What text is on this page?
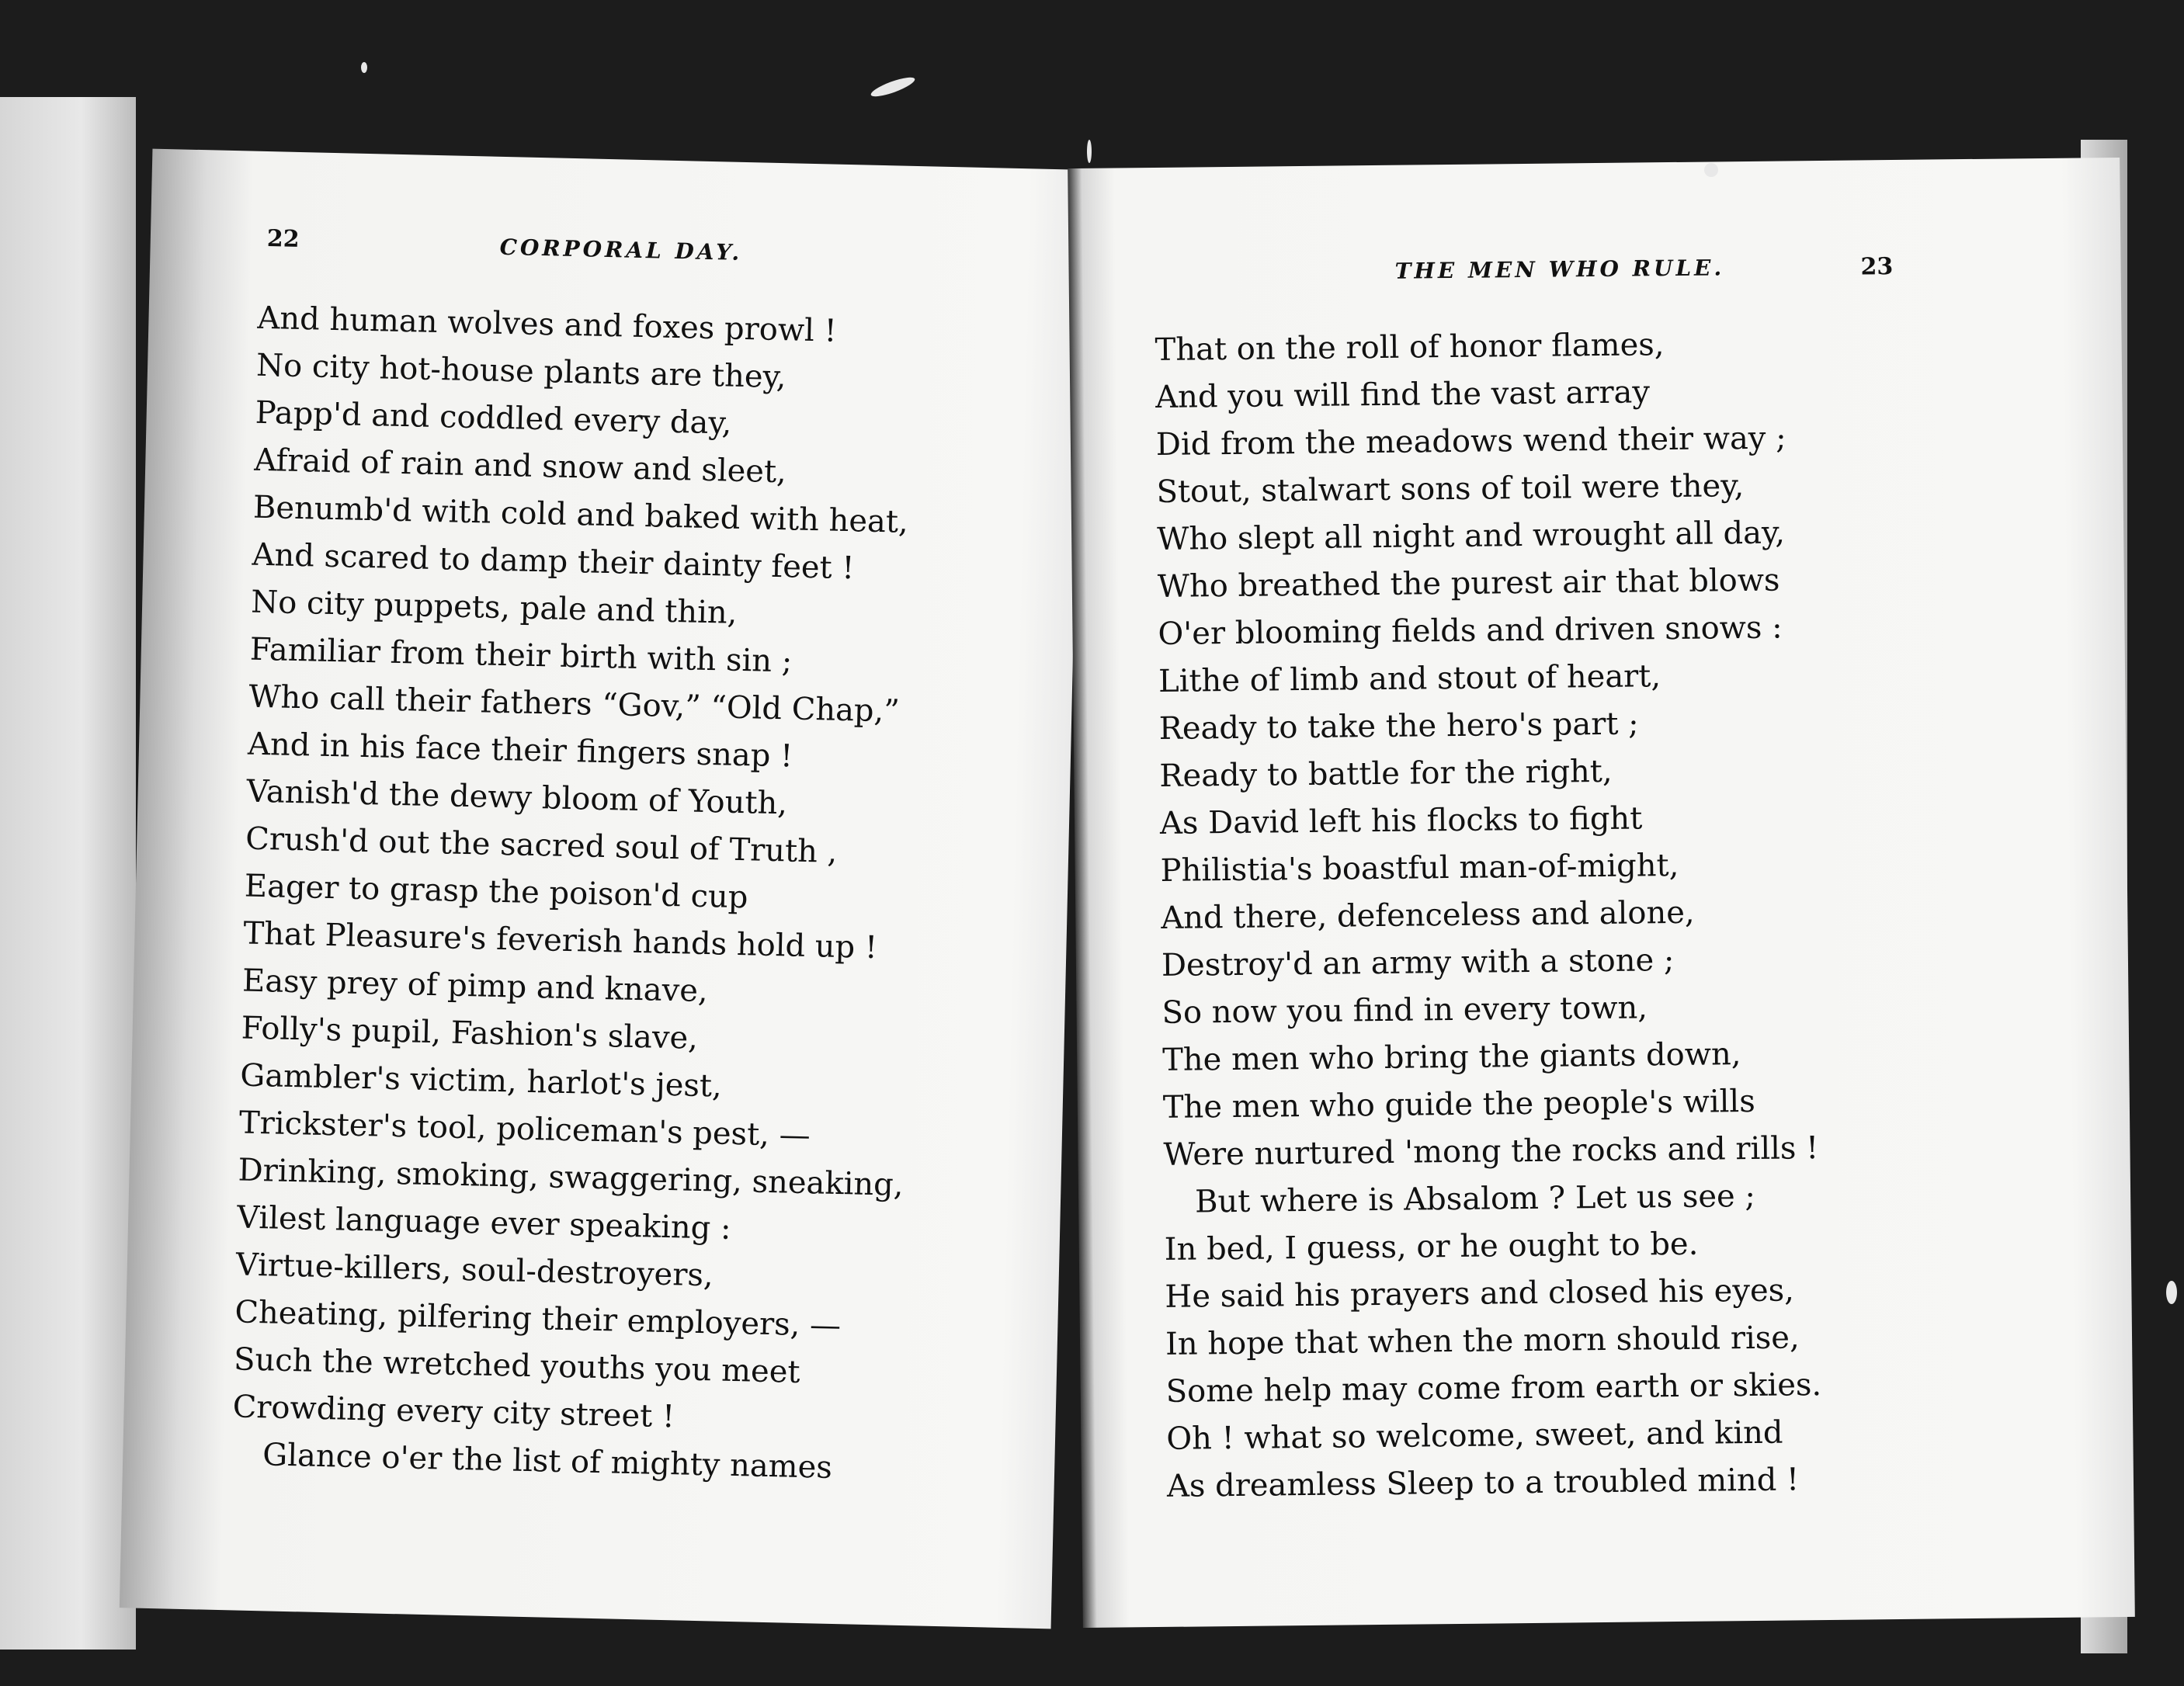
22	CORPORAL DAY.
And human wolves and foxes prowl !
No city hot-house plants are they,
Papp'd and coddled every day,
Afraid of rain and snow and sleet,
Benumb'd with cold and baked with heat,
And scared to damp their dainty feet !
No city puppets, pale and thin,
Familiar from their birth with sin ;
Who call their fathers “Gov,” “Old Chap,”
And in his face their fingers snap !
Vanish'd the dewy bloom of Youth,
Crush'd out the sacred soul of Truth ,
Eager to grasp the poison'd cup
That Pleasure's feverish hands hold up !
Easy prey of pimp and knave,
Folly's pupil, Fashion's slave,
Gambler's victim, harlot's jest,
Trickster's tool, policeman's pest, —
Drinking, smoking, swaggering, sneaking,
Vilest language ever speaking :
Virtue-killers, soul-destroyers,
Cheating, pilfering their employers, —
Such the wretched youths you meet
Crowding every city street !
Glance o'er the list of mighty names
THE MEN WHO RULE.	23
That on the roll of honor flames,
And you will find the vast array
Did from the meadows wend their way ;
Stout, stalwart sons of toil were they,
Who slept all night and wrought all day,
Who breathed the purest air that blows
O'er blooming fields and driven snows :
Lithe of limb and stout of heart,
Ready to take the hero's part ;
Ready to battle for the right,
As David left his flocks to fight
Philistia's boastful man-of-might,
And there, defenceless and alone,
Destroy'd an army with a stone ;
So now you find in every town,
The men who bring the giants down,
The men who guide the people's wills
Were nurtured 'mong the rocks and rills !
But where is Absalom ? Let us see ;
In bed, I guess, or he ought to be.
He said his prayers and closed his eyes,
In hope that when the morn should rise,
Some help may come from earth or skies.
Oh ! what so welcome, sweet, and kind
As dreamless Sleep to a troubled mind !
